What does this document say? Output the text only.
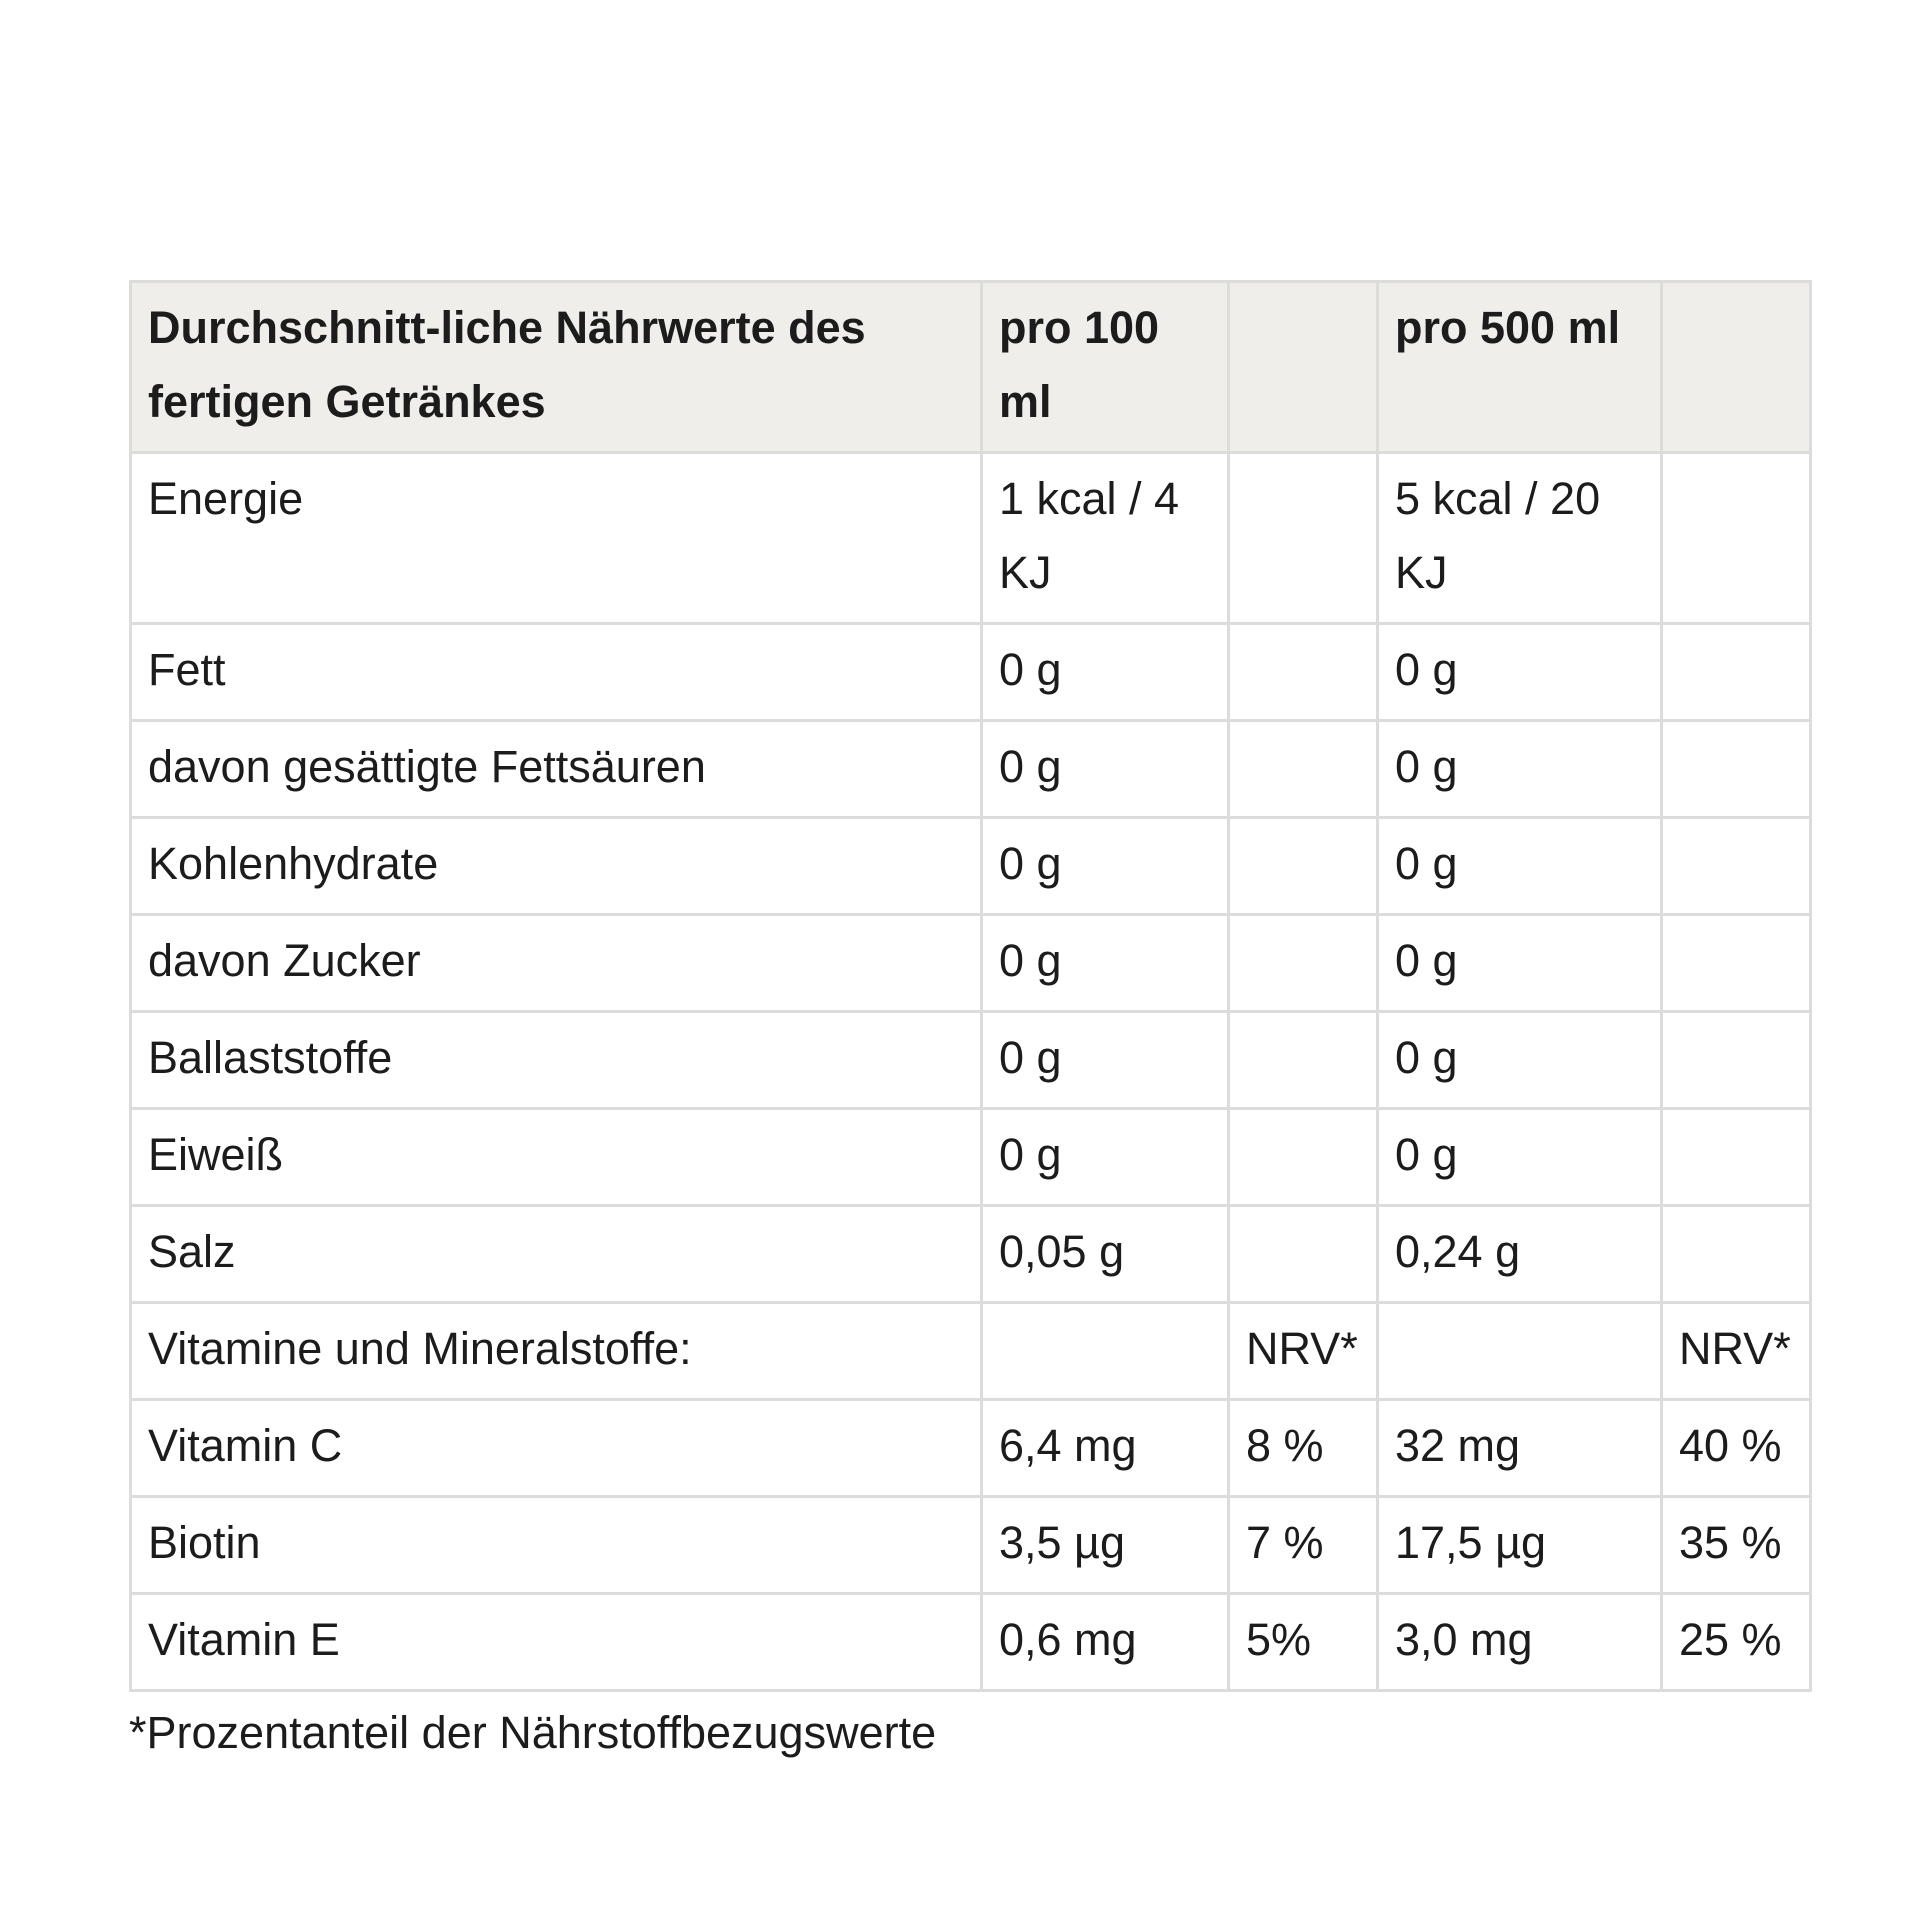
Durchschnitt-liche Nährwerte des fertigen Getränkes	pro 100 ml		pro 500 ml	
Energie	1 kcal / 4 KJ		5 kcal / 20 KJ	
Fett	0 g		0 g	
davon gesättigte Fettsäuren	0 g		0 g	
Kohlenhydrate	0 g		0 g	
davon Zucker	0 g		0 g	
Ballaststoffe	0 g		0 g	
Eiweiß	0 g		0 g	
Salz	0,05 g		0,24 g	
Vitamine und Mineralstoffe:		NRV*		NRV*
Vitamin C	6,4 mg	8 %	32 mg	40 %
Biotin	3,5 µg	7 %	17,5 µg	35 %
Vitamin E	0,6 mg	5%	3,0 mg	25 %
*Prozentanteil der Nährstoffbezugswerte
